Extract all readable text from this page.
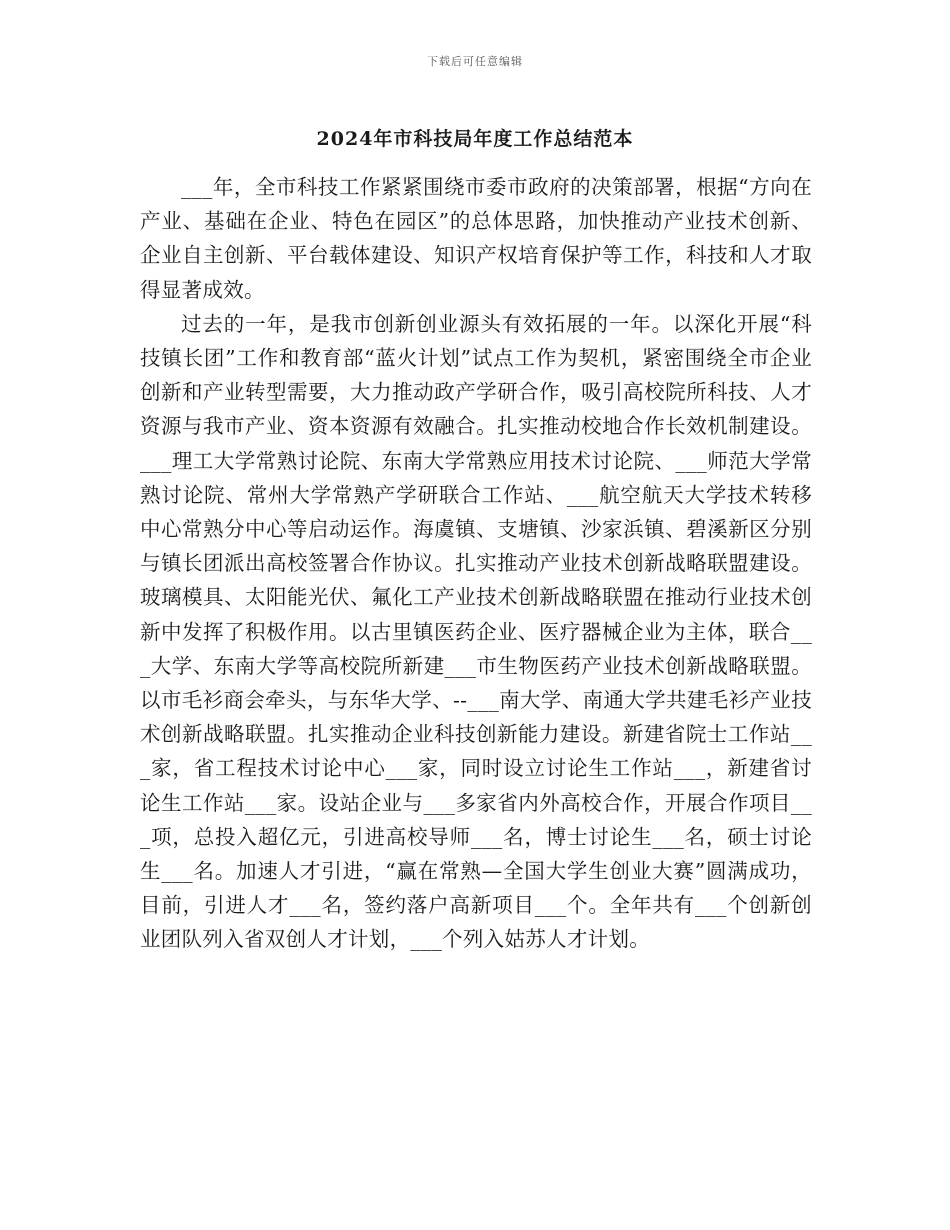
下载后可任意编辑
2024年市科技局年度工作总结范本

___年，全市科技工作紧紧围绕市委市政府的决策部署，根据“方向在产业、基础在企业、特色在园区”的总体思路，加快推动产业技术创新、企业自主创新、平台载体建设、知识产权培育保护等工作，科技和人才取得显著成效。

过去的一年，是我市创新创业源头有效拓展的一年。以深化开展“科技镇长团”工作和教育部“蓝火计划”试点工作为契机，紧密围绕全市企业创新和产业转型需要，大力推动政产学研合作，吸引高校院所科技、人才资源与我市产业、资本资源有效融合。扎实推动校地合作长效机制建设。___理工大学常熟讨论院、东南大学常熟应用技术讨论院、___师范大学常熟讨论院、常州大学常熟产学研联合工作站、___航空航天大学技术转移中心常熟分中心等启动运作。海虞镇、支塘镇、沙家浜镇、碧溪新区分别与镇长团派出高校签署合作协议。扎实推动产业技术创新战略联盟建设。玻璃模具、太阳能光伏、氟化工产业技术创新战略联盟在推动行业技术创新中发挥了积极作用。以古里镇医药企业、医疗器械企业为主体，联合___大学、东南大学等高校院所新建___市生物医药产业技术创新战略联盟。以市毛衫商会牵头，与东华大学、--___南大学、南通大学共建毛衫产业技术创新战略联盟。扎实推动企业科技创新能力建设。新建省院士工作站___家，省工程技术讨论中心___家，同时设立讨论生工作站___，新建省讨论生工作站___家。设站企业与___多家省内外高校合作，开展合作项目___项，总投入超亿元，引进高校导师___名，博士讨论生___名，硕士讨论生___名。加速人才引进，“赢在常熟—全国大学生创业大赛”圆满成功，目前，引进人才___名，签约落户高新项目___个。全年共有___个创新创业团队列入省双创人才计划，___个列入姑苏人才计划。
